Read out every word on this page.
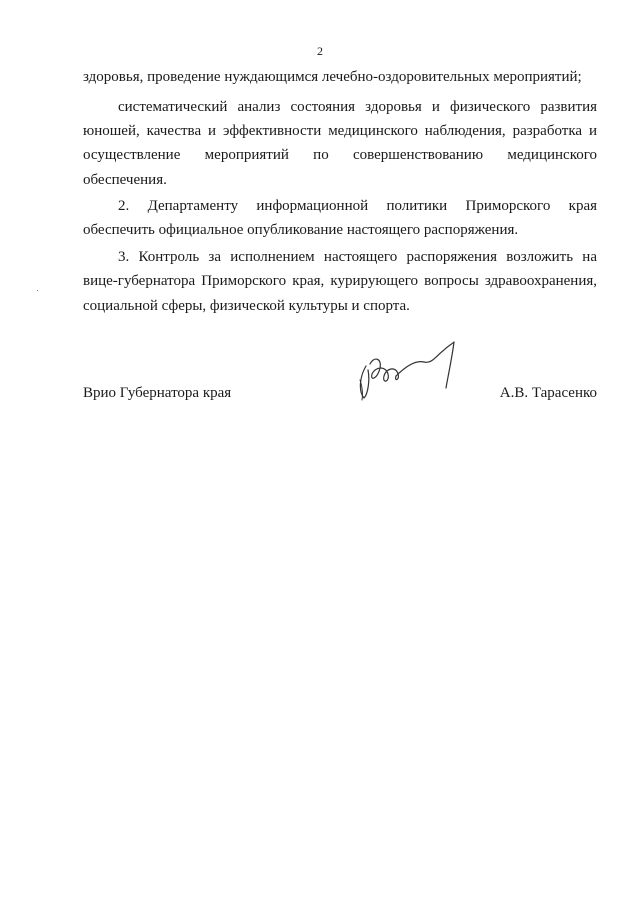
2
здоровья, проведение нуждающимся лечебно-оздоровительных мероприятий;
систематический анализ состояния здоровья и физического развития
юношей, качества и эффективности медицинского наблюдения, разработка и
осуществление мероприятий по совершенствованию медицинского
обеспечения.
2. Департаменту информационной политики Приморского края
обеспечить официальное опубликование настоящего распоряжения.
3. Контроль за исполнением настоящего распоряжения возложить на
вице-губернатора Приморского края, курирующего вопросы здравоохранения,
социальной сферы, физической культуры и спорта.
Врио Губернатора края	А.В. Тарасенко
